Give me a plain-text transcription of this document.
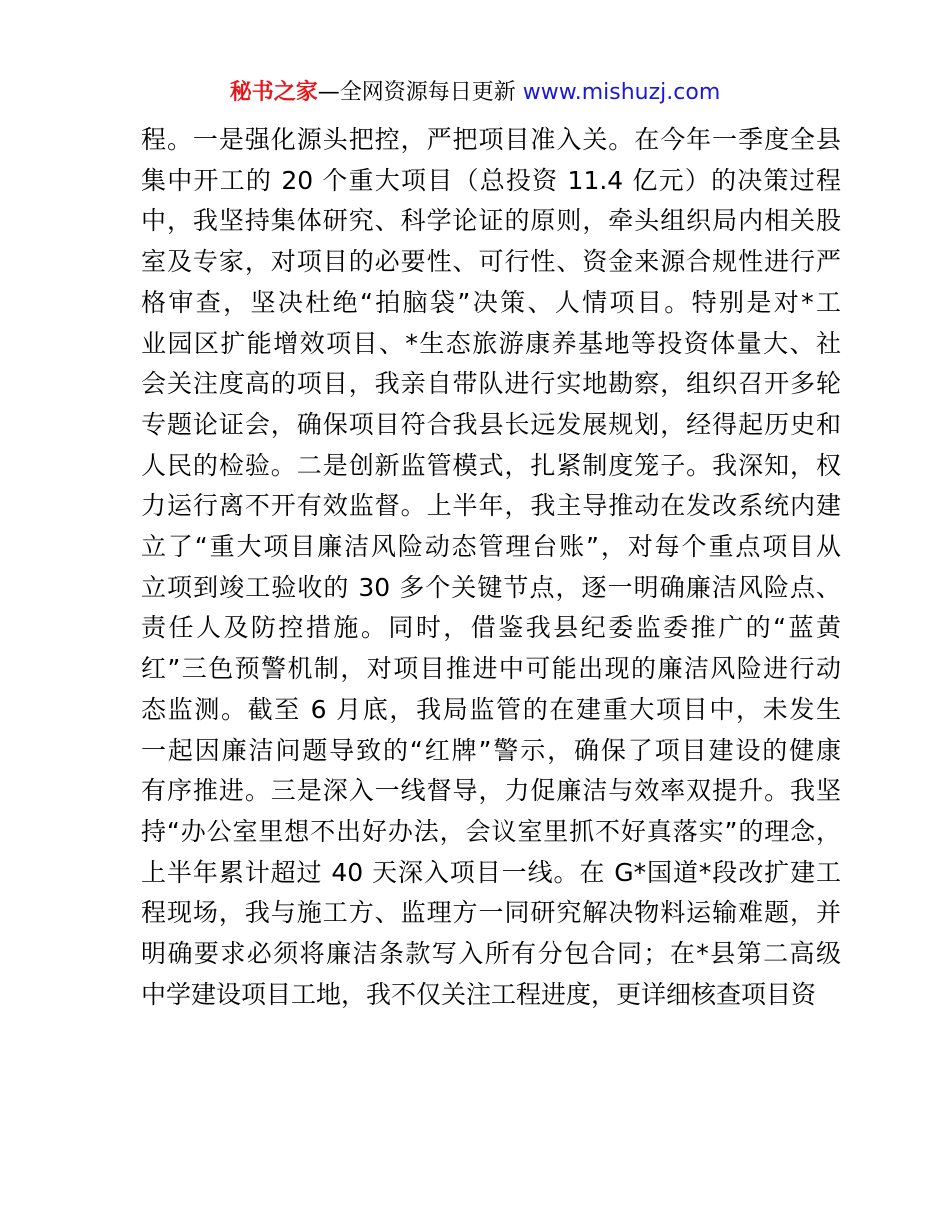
秘书之家—全网资源每日更新 www.mishuzj.com
程。一是强化源头把控，严把项目准入关。在今年一季度全县
集中开工的 20 个重大项目（总投资 11.4 亿元）的决策过程
中，我坚持集体研究、科学论证的原则，牵头组织局内相关股
室及专家，对项目的必要性、可行性、资金来源合规性进行严
格审查，坚决杜绝“拍脑袋”决策、人情项目。特别是对*工
业园区扩能增效项目、*生态旅游康养基地等投资体量大、社
会关注度高的项目，我亲自带队进行实地勘察，组织召开多轮
专题论证会，确保项目符合我县长远发展规划，经得起历史和
人民的检验。二是创新监管模式，扎紧制度笼子。我深知，权
力运行离不开有效监督。上半年，我主导推动在发改系统内建
立了“重大项目廉洁风险动态管理台账”，对每个重点项目从
立项到竣工验收的 30 多个关键节点，逐一明确廉洁风险点、
责任人及防控措施。同时，借鉴我县纪委监委推广的“蓝黄
红”三色预警机制，对项目推进中可能出现的廉洁风险进行动
态监测。截至 6 月底，我局监管的在建重大项目中，未发生
一起因廉洁问题导致的“红牌”警示，确保了项目建设的健康
有序推进。三是深入一线督导，力促廉洁与效率双提升。我坚
持“办公室里想不出好办法，会议室里抓不好真落实”的理念，
上半年累计超过 40 天深入项目一线。在 G*国道*段改扩建工
程现场，我与施工方、监理方一同研究解决物料运输难题，并
明确要求必须将廉洁条款写入所有分包合同；在*县第二高级
中学建设项目工地，我不仅关注工程进度，更详细核查项目资
